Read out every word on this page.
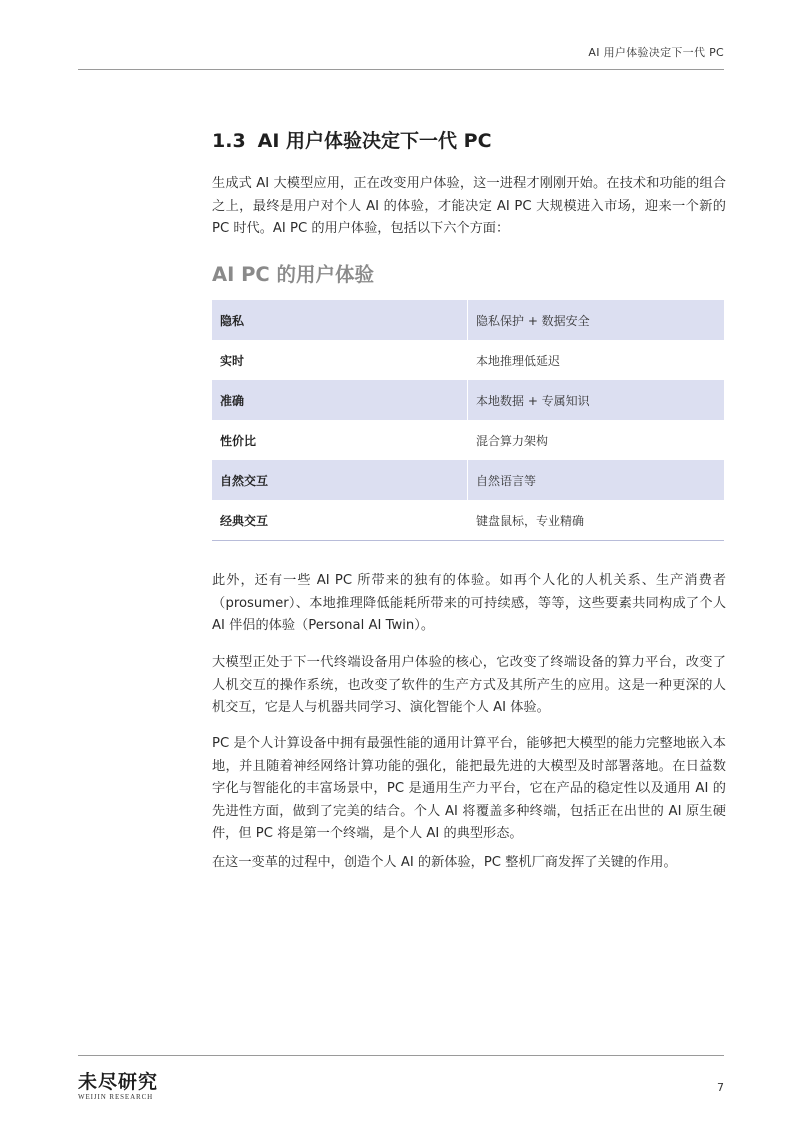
AI 用户体验决定下一代 PC
1.3 AI 用户体验决定下一代 PC

生成式 AI 大模型应用，正在改变用户体验，这一进程才刚刚开始。在技术和功能的组合之上，最终是用户对个人 AI 的体验，才能决定 AI PC 大规模进入市场，迎来一个新的 PC 时代。AI PC 的用户体验，包括以下六个方面：

AI PC 的用户体验
隐私	隐私保护 + 数据安全
实时	本地推理低延迟
准确	本地数据 + 专属知识
性价比	混合算力架构
自然交互	自然语言等
经典交互	键盘鼠标，专业精确

此外，还有一些 AI PC 所带来的独有的体验。如再个人化的人机关系、生产消费者（prosumer）、本地推理降低能耗所带来的可持续感，等等，这些要素共同构成了个人 AI 伴侣的体验（Personal AI Twin）。

大模型正处于下一代终端设备用户体验的核心，它改变了终端设备的算力平台，改变了人机交互的操作系统，也改变了软件的生产方式及其所产生的应用。这是一种更深的人机交互，它是人与机器共同学习、演化智能个人 AI 体验。

PC 是个人计算设备中拥有最强性能的通用计算平台，能够把大模型的能力完整地嵌入本地，并且随着神经网络计算功能的强化，能把最先进的大模型及时部署落地。在日益数字化与智能化的丰富场景中，PC 是通用生产力平台，它在产品的稳定性以及通用 AI 的先进性方面，做到了完美的结合。个人 AI 将覆盖多种终端，包括正在出世的 AI 原生硬件，但 PC 将是第一个终端，是个人 AI 的典型形态。

在这一变革的过程中，创造个人 AI 的新体验，PC 整机厂商发挥了关键的作用。

未尽研究
WEIJIN RESEARCH
7
